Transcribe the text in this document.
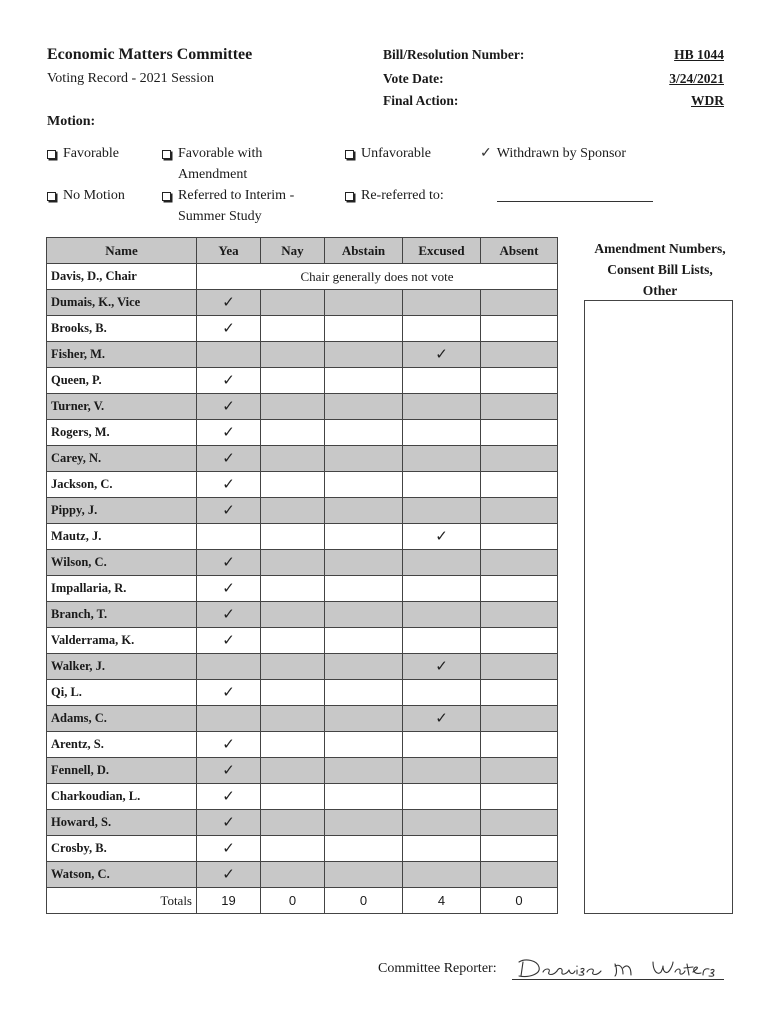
Economic Matters Committee
Voting Record - 2021 Session
Bill/Resolution Number:	HB 1044
Vote Date:	3/24/2021
Final Action:	WDR
Motion:
Favorable	Favorable with
Amendment
Unfavorable	✓ Withdrawn by Sponsor
No Motion	Referred to Interim -
Summer Study
Re-referred to:
Name	Yea	Nay	Abstain	Excused	Absent
Davis, D., Chair	Chair generally does not vote				
Dumais, K., Vice	✓				
Brooks, B.	✓				
Fisher, M.				✓	
Queen, P.	✓				
Turner, V.	✓				
Rogers, M.	✓				
Carey, N.	✓				
Jackson, C.	✓				
Pippy, J.	✓				
Mautz, J.				✓	
Wilson, C.	✓				
Impallaria, R.	✓				
Branch, T.	✓				
Valderrama, K.	✓				
Walker, J.				✓	
Qi, L.	✓				
Adams, C.				✓	
Arentz, S.	✓				
Fennell, D.	✓				
Charkoudian, L.	✓				
Howard, S.	✓				
Crosby, B.	✓				
Watson, C.	✓				
Totals	19	0	0	4	0
Amendment Numbers,
Consent Bill Lists,
Other
Committee Reporter:
